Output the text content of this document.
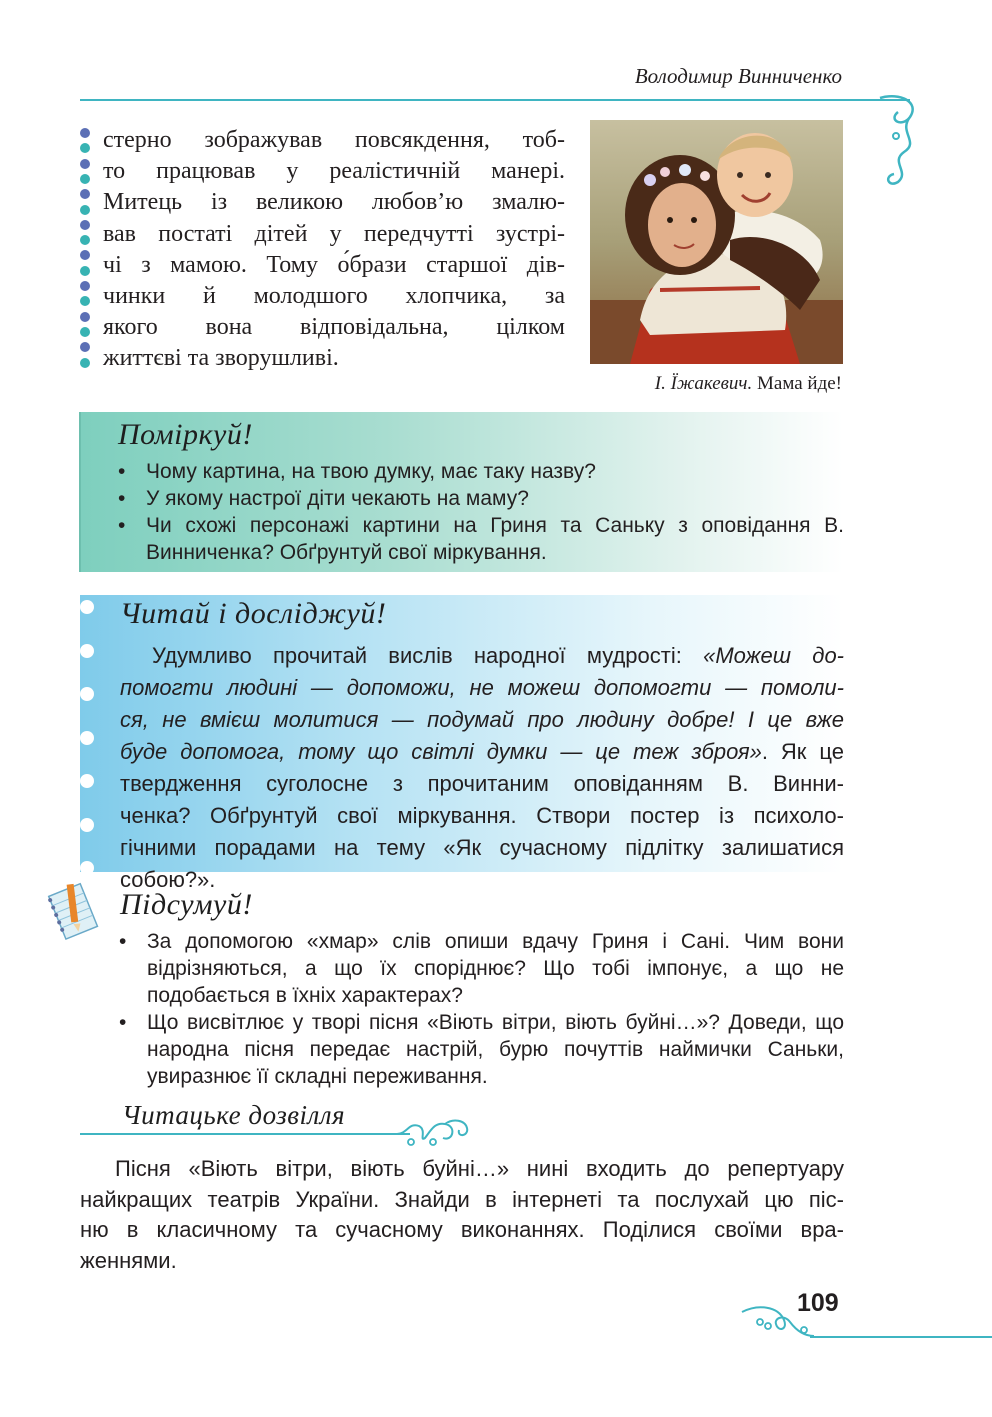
Володимир Винниченко
стерно зображував повсякдення, тоб-
то працював у реалістичній манері.
Митець із великою любов’ю змалю-
вав постаті дітей у передчутті зустрі-
чі з мамою. Тому о́брази старшої дів-
чинки й молодшого хлопчика, за
якого вона відповідальна, цілком
життєві та зворушливі.
І. Їжакевич. Мама йде!
Поміркуй!
• Чому картина, на твою думку, має таку назву?
• У якому настрої діти чекають на маму?
• Чи схожі персонажі картини на Гриня та Саньку з оповідання В. Винниченка? Обґрунтуй свої міркування.
Читай і досліджуй!
Удумливо прочитай вислів народної мудрості: «Можеш до-
помогти людині — допоможи, не можеш допомогти — помоли-
ся, не вмієш молитися — подумай про людину добре! І це вже
буде допомога, тому що світлі думки — це теж зброя». Як це
твердження суголосне з прочитаним оповіданням В. Винни-
ченка? Обґрунтуй свої міркування. Створи постер із психоло-
гічними порадами на тему «Як сучасному підлітку залишатися
собою?».
Підсумуй!
• За допомогою «хмар» слів опиши вдачу Гриня і Сані. Чим вони відрізняються, а що їх споріднює? Що тобі імпонує, а що не подобається в їхніх характерах?
• Що висвітлює у творі пісня «Віють вітри, віють буйні…»? Доведи, що народна пісня передає настрій, бурю почуттів наймички Саньки, увиразнює її складні переживання.
Читацьке дозвілля
Пісня «Віють вітри, віють буйні…» нині входить до репертуару
найкращих театрів України. Знайди в інтернеті та послухай цю піс-
ню в класичному та сучасному виконаннях. Поділися своїми вра-
женнями.
109
